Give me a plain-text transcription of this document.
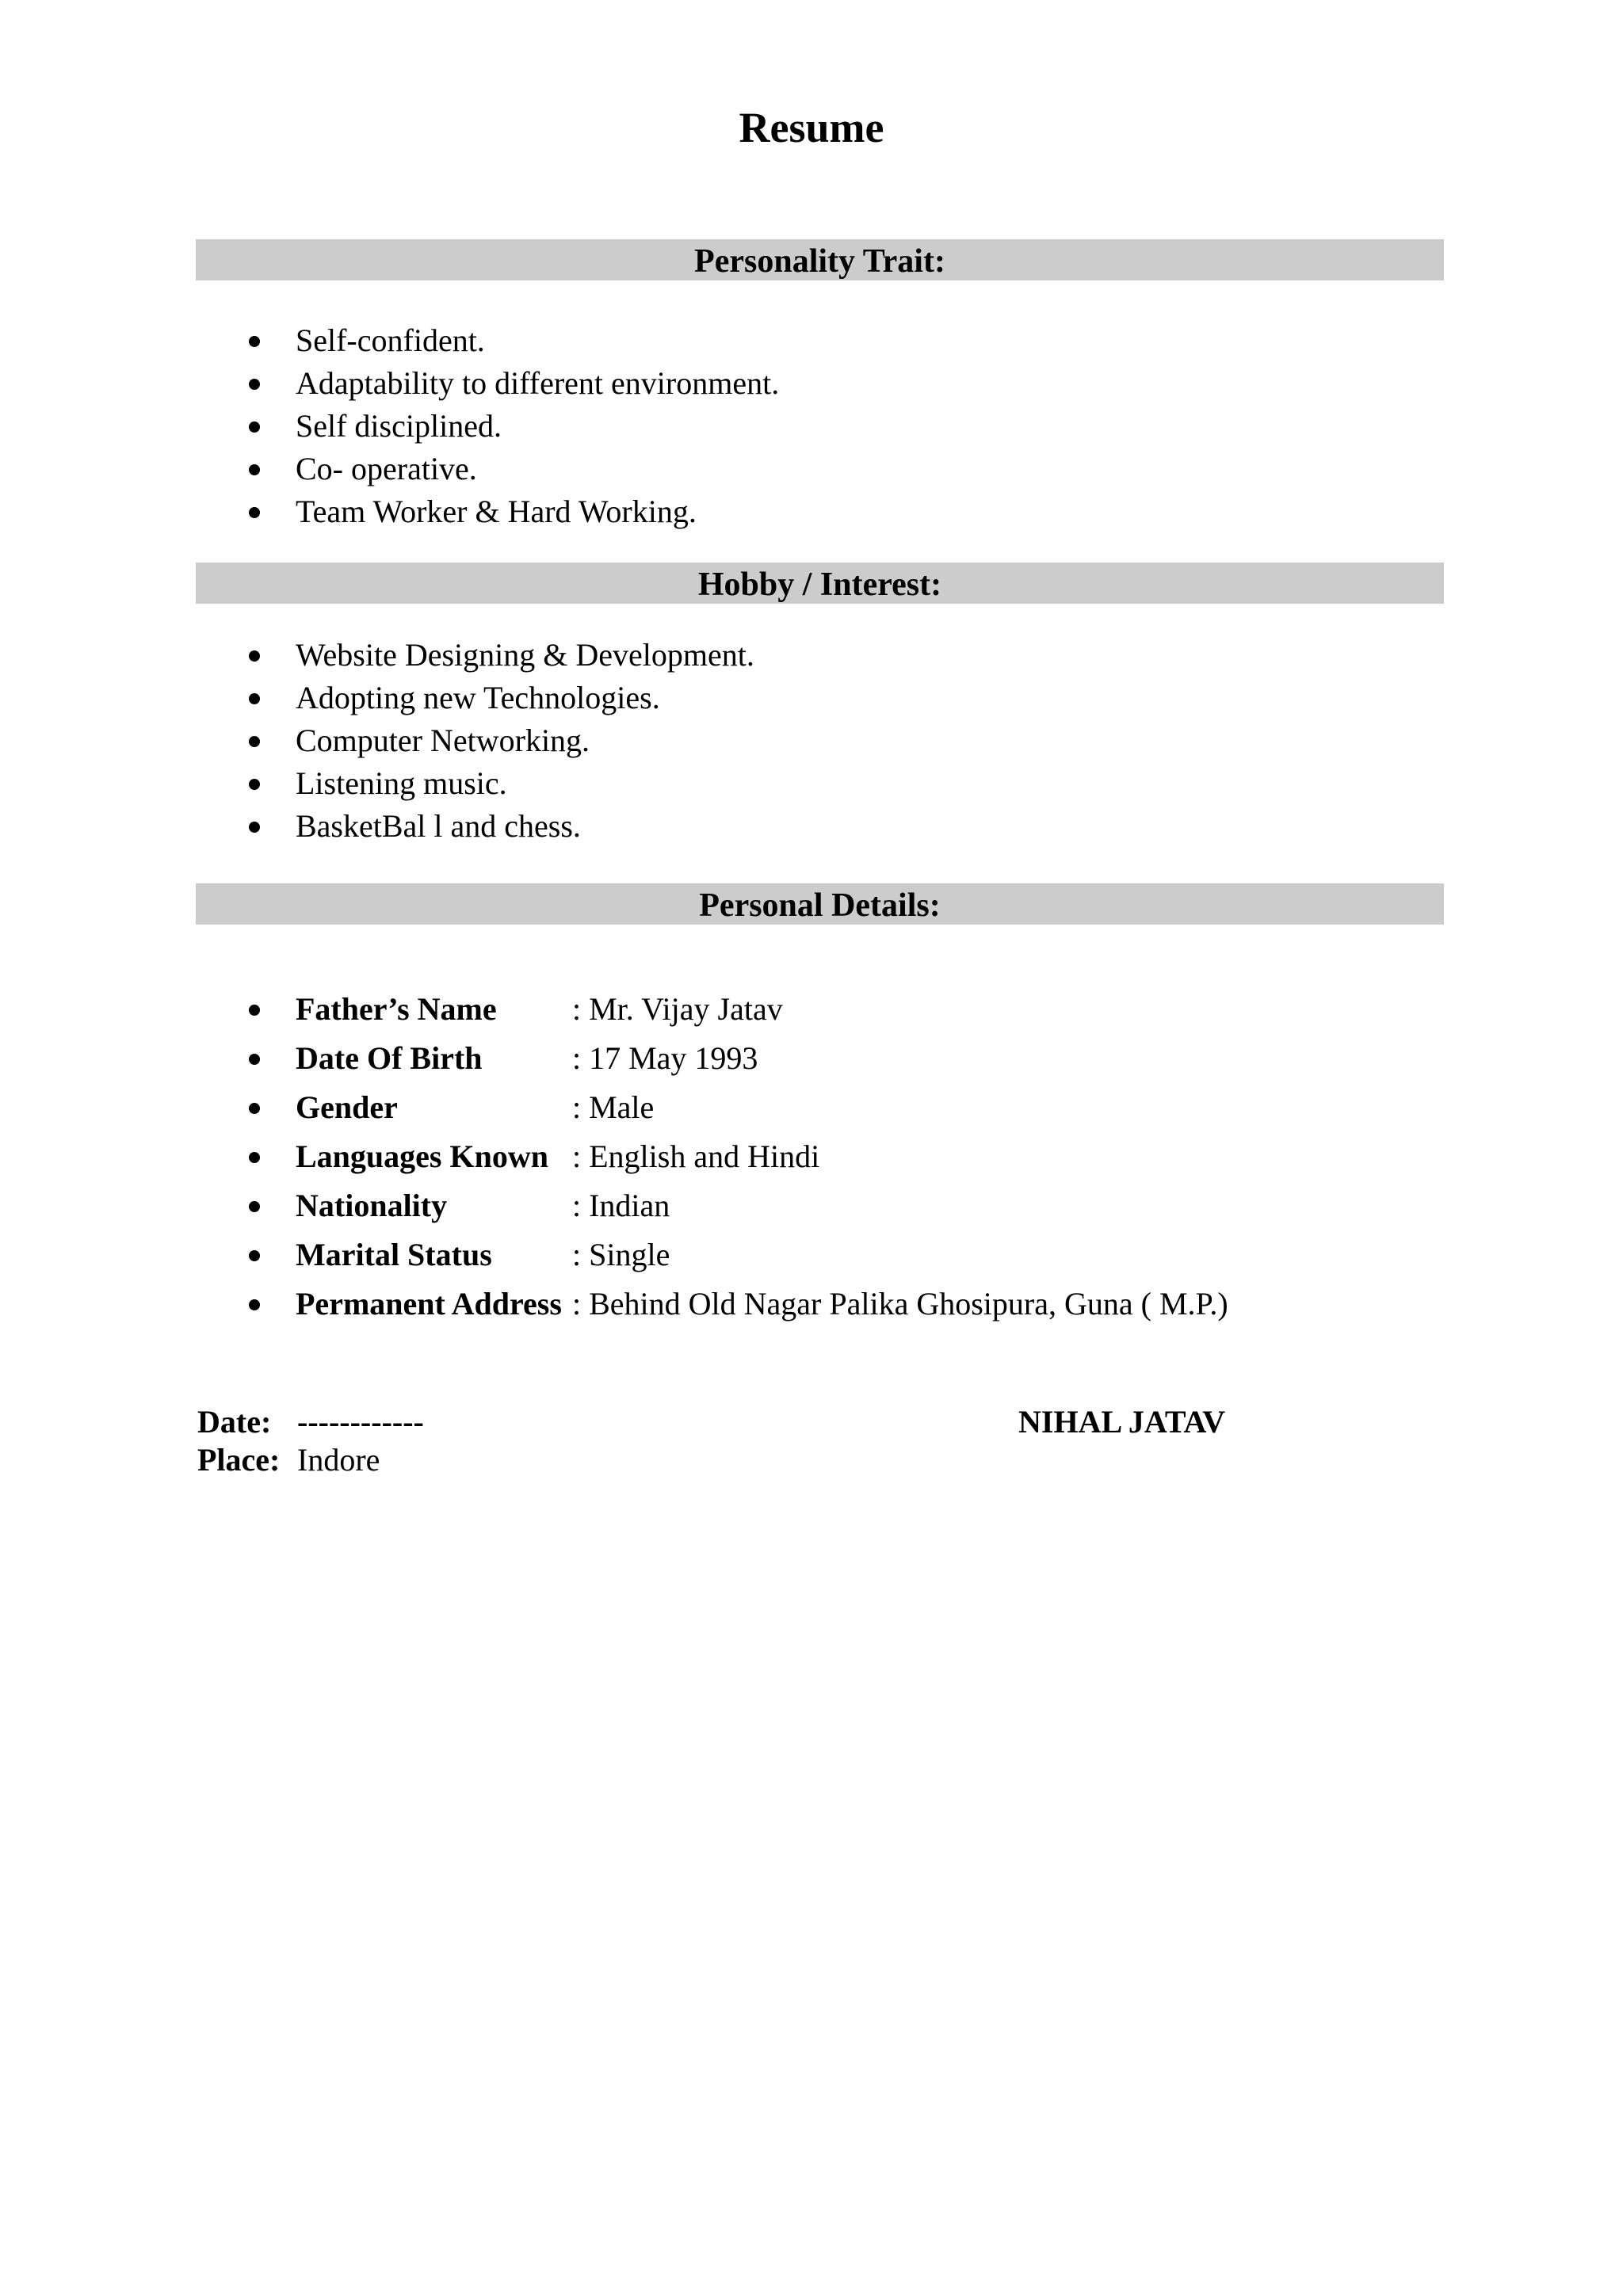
Resume
Personality Trait:
Self-confident.
Adaptability to different environment.
Self disciplined.
Co- operative.
Team Worker & Hard Working.
Hobby / Interest:
Website Designing & Development.
Adopting new Technologies.
Computer Networking.
Listening music.
BasketBal l and chess.
Personal Details:
Father’s Name : Mr. Vijay Jatav
Date Of Birth	: 17 May 1993
Gender	: Male
Languages Known : English and Hindi
Nationality	: Indian
Marital Status	: Single
Permanent Address : Behind Old Nagar Palika Ghosipura, Guna ( M.P.)
Date: ------------
Place: Indore
NIHAL JATAV
